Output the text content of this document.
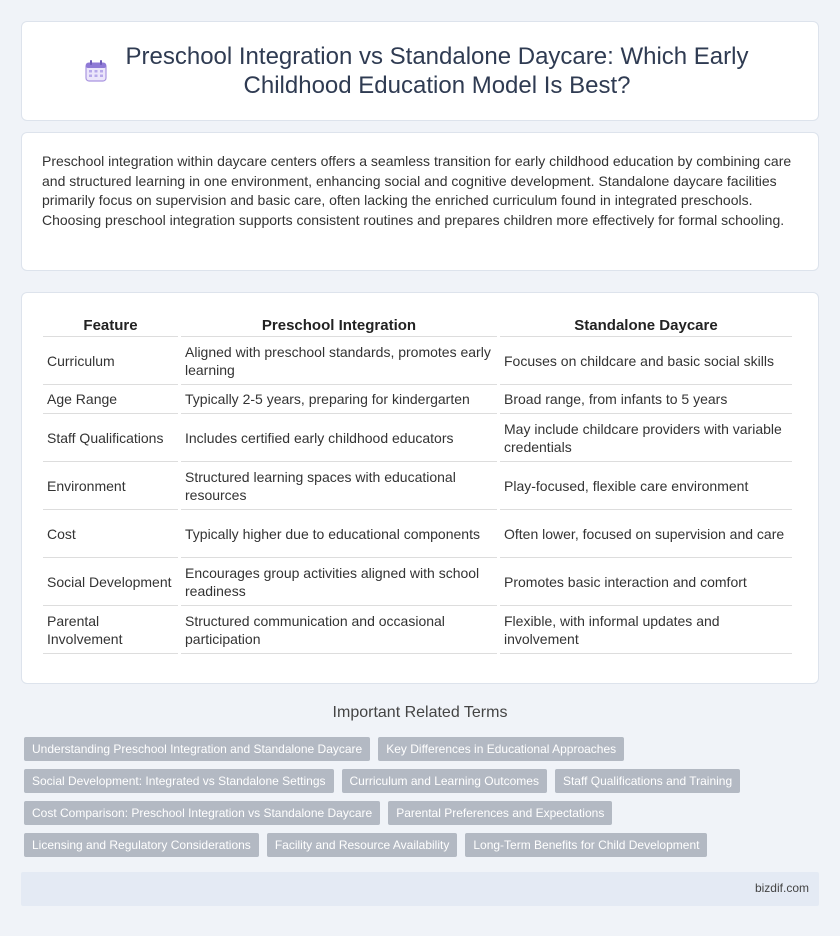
Preschool Integration vs Standalone Daycare: Which Early Childhood Education Model Is Best?

Preschool integration within daycare centers offers a seamless transition for early childhood education by combining care and structured learning in one environment, enhancing social and cognitive development. Standalone daycare facilities primarily focus on supervision and basic care, often lacking the enriched curriculum found in integrated preschools. Choosing preschool integration supports consistent routines and prepares children more effectively for formal schooling.

Feature	Preschool Integration	Standalone Daycare
Curriculum	Aligned with preschool standards, promotes early learning	Focuses on childcare and basic social skills
Age Range	Typically 2-5 years, preparing for kindergarten	Broad range, from infants to 5 years
Staff Qualifications	Includes certified early childhood educators	May include childcare providers with variable credentials
Environment	Structured learning spaces with educational resources	Play-focused, flexible care environment
Cost	Typically higher due to educational components	Often lower, focused on supervision and care
Social Development	Encourages group activities aligned with school readiness	Promotes basic interaction and comfort
Parental Involvement	Structured communication and occasional participation	Flexible, with informal updates and involvement
Important Related Terms
Understanding Preschool Integration and Standalone Daycare	Key Differences in Educational Approaches
Social Development: Integrated vs Standalone Settings	Curriculum and Learning Outcomes	Staff Qualifications and Training
Cost Comparison: Preschool Integration vs Standalone Daycare	Parental Preferences and Expectations
Licensing and Regulatory Considerations	Facility and Resource Availability	Long-Term Benefits for Child Development
bizdif.com
